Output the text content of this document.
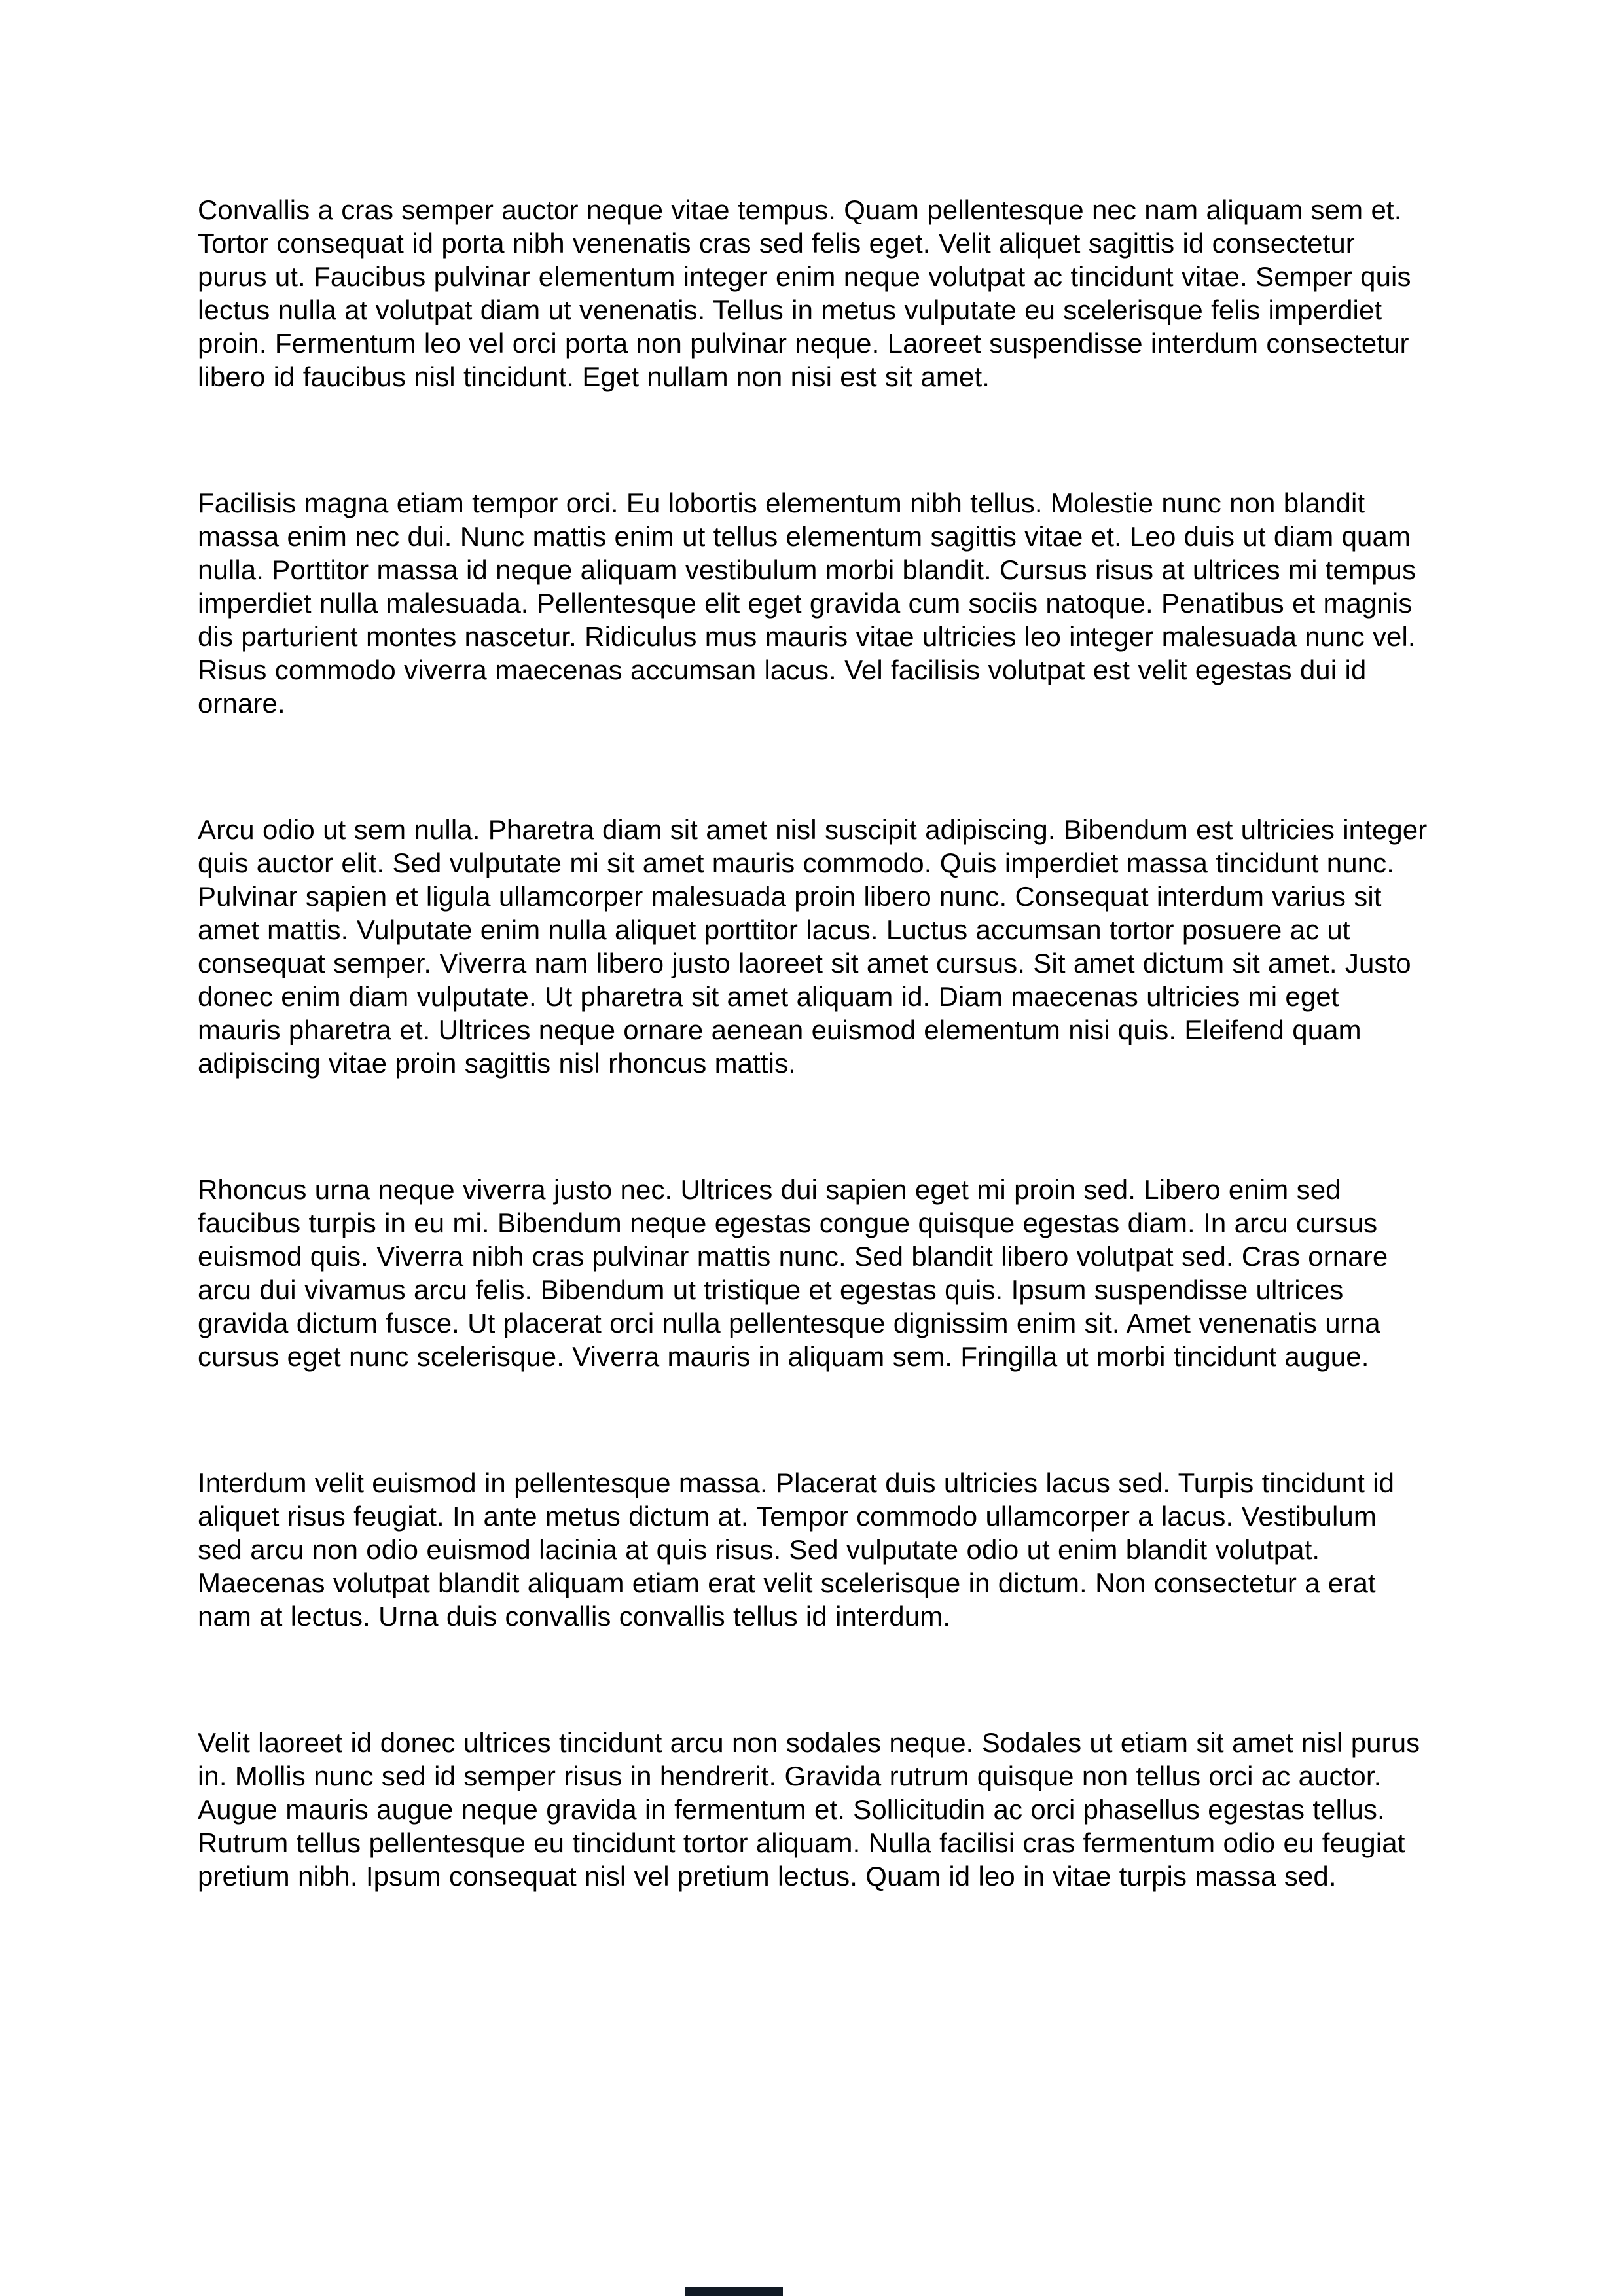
Convallis a cras semper auctor neque vitae tempus. Quam pellentesque nec nam aliquam sem et. Tortor consequat id porta nibh venenatis cras sed felis eget. Velit aliquet sagittis id consectetur purus ut. Faucibus pulvinar elementum integer enim neque volutpat ac tincidunt vitae. Semper quis lectus nulla at volutpat diam ut venenatis. Tellus in metus vulputate eu scelerisque felis imperdiet proin. Fermentum leo vel orci porta non pulvinar neque. Laoreet suspendisse interdum consectetur libero id faucibus nisl tincidunt. Eget nullam non nisi est sit amet.

Facilisis magna etiam tempor orci. Eu lobortis elementum nibh tellus. Molestie nunc non blandit massa enim nec dui. Nunc mattis enim ut tellus elementum sagittis vitae et. Leo duis ut diam quam nulla. Porttitor massa id neque aliquam vestibulum morbi blandit. Cursus risus at ultrices mi tempus imperdiet nulla malesuada. Pellentesque elit eget gravida cum sociis natoque. Penatibus et magnis dis parturient montes nascetur. Ridiculus mus mauris vitae ultricies leo integer malesuada nunc vel. Risus commodo viverra maecenas accumsan lacus. Vel facilisis volutpat est velit egestas dui id ornare.

Arcu odio ut sem nulla. Pharetra diam sit amet nisl suscipit adipiscing. Bibendum est ultricies integer quis auctor elit. Sed vulputate mi sit amet mauris commodo. Quis imperdiet massa tincidunt nunc. Pulvinar sapien et ligula ullamcorper malesuada proin libero nunc. Consequat interdum varius sit amet mattis. Vulputate enim nulla aliquet porttitor lacus. Luctus accumsan tortor posuere ac ut consequat semper. Viverra nam libero justo laoreet sit amet cursus. Sit amet dictum sit amet. Justo donec enim diam vulputate. Ut pharetra sit amet aliquam id. Diam maecenas ultricies mi eget mauris pharetra et. Ultrices neque ornare aenean euismod elementum nisi quis. Eleifend quam adipiscing vitae proin sagittis nisl rhoncus mattis.

Rhoncus urna neque viverra justo nec. Ultrices dui sapien eget mi proin sed. Libero enim sed faucibus turpis in eu mi. Bibendum neque egestas congue quisque egestas diam. In arcu cursus euismod quis. Viverra nibh cras pulvinar mattis nunc. Sed blandit libero volutpat sed. Cras ornare arcu dui vivamus arcu felis. Bibendum ut tristique et egestas quis. Ipsum suspendisse ultrices gravida dictum fusce. Ut placerat orci nulla pellentesque dignissim enim sit. Amet venenatis urna cursus eget nunc scelerisque. Viverra mauris in aliquam sem. Fringilla ut morbi tincidunt augue.

Interdum velit euismod in pellentesque massa. Placerat duis ultricies lacus sed. Turpis tincidunt id aliquet risus feugiat. In ante metus dictum at. Tempor commodo ullamcorper a lacus. Vestibulum sed arcu non odio euismod lacinia at quis risus. Sed vulputate odio ut enim blandit volutpat. Maecenas volutpat blandit aliquam etiam erat velit scelerisque in dictum. Non consectetur a erat nam at lectus. Urna duis convallis convallis tellus id interdum.

Velit laoreet id donec ultrices tincidunt arcu non sodales neque. Sodales ut etiam sit amet nisl purus in. Mollis nunc sed id semper risus in hendrerit. Gravida rutrum quisque non tellus orci ac auctor. Augue mauris augue neque gravida in fermentum et. Sollicitudin ac orci phasellus egestas tellus. Rutrum tellus pellentesque eu tincidunt tortor aliquam. Nulla facilisi cras fermentum odio eu feugiat pretium nibh. Ipsum consequat nisl vel pretium lectus. Quam id leo in vitae turpis massa sed.
